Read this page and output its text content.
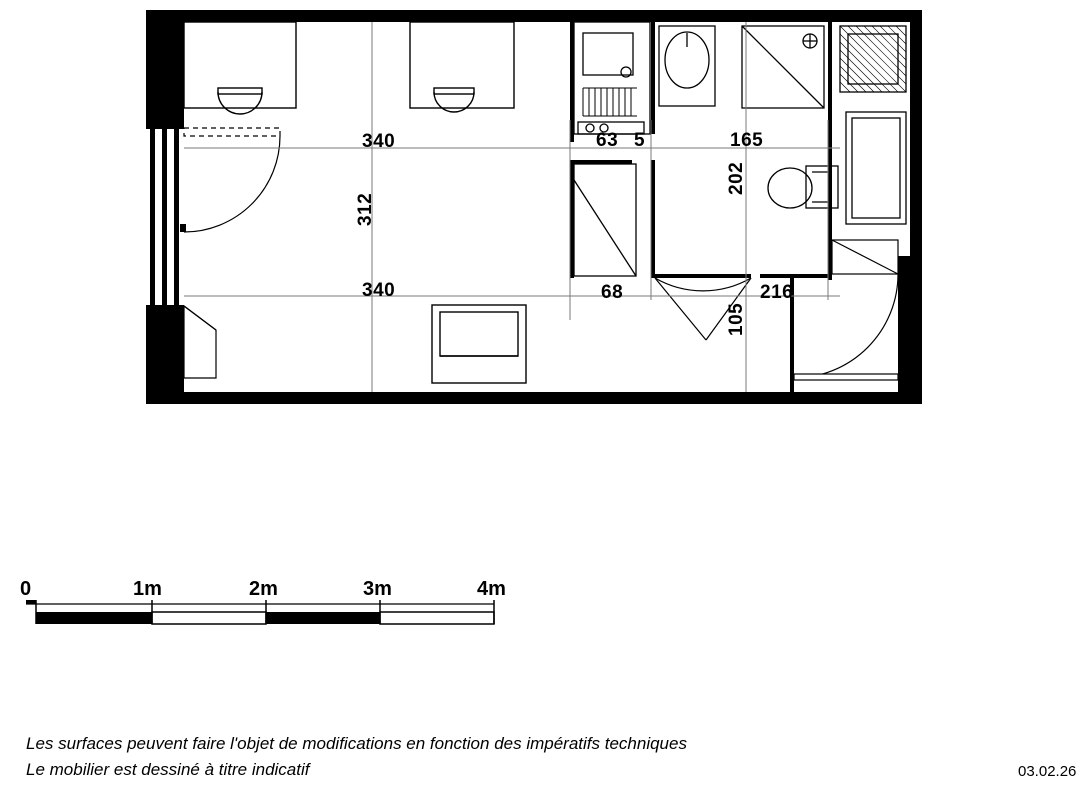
340
312
340
63 5	165
202
68
105
216
0	1m	2m	3m	4m
Les surfaces peuvent faire l'objet de modifications en fonction des impératifs techniques
Le mobilier est dessiné à titre indicatif	03.02.26
